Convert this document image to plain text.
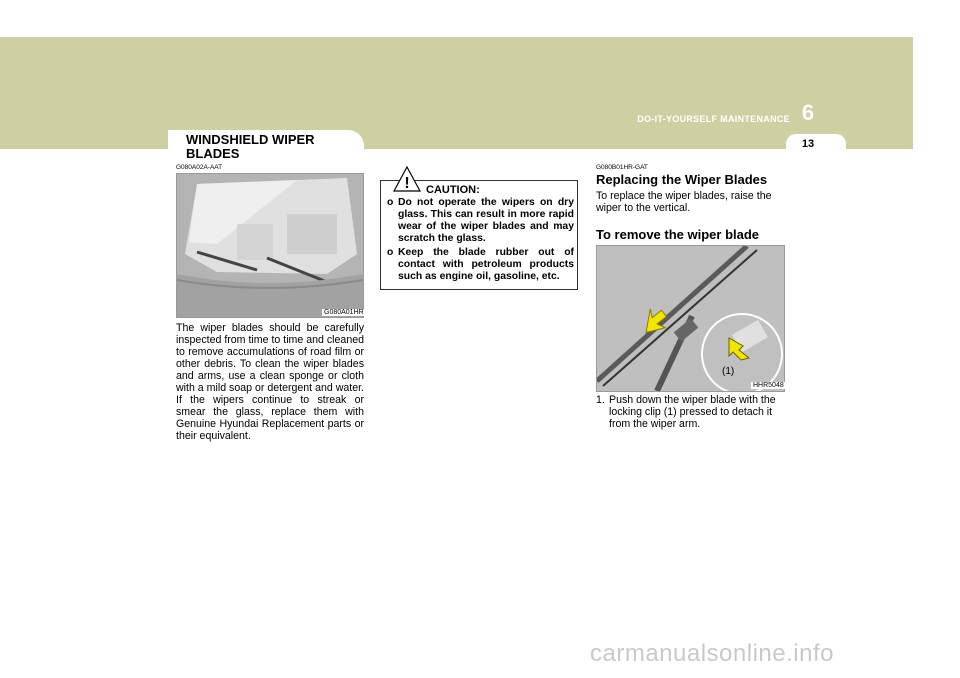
DO-IT-YOURSELF MAINTENANCE 6
13
WINDSHIELD WIPER BLADES
G080A02A-AAT
G080A01HR
The wiper blades should be carefully inspected from time to time and cleaned to remove accumulations of road film or other debris. To clean the wiper blades and arms, use a clean sponge or cloth with a mild soap or detergent and water. If the wipers continue to streak or smear the glass, replace them with Genuine Hyundai Replacement parts or their equivalent.
! CAUTION:
o Do not operate the wipers on dry glass. This can result in more rapid wear of the wiper blades and may scratch the glass.
o Keep the blade rubber out of contact with petroleum products such as engine oil, gasoline, etc.
G080B01HR-GAT
Replacing the Wiper Blades
To replace the wiper blades, raise the wiper to the vertical.
To remove the wiper blade
(1)
HHR5048
1. Push down the wiper blade with the locking clip (1) pressed to detach it from the wiper arm.
carmanualsonline.info
